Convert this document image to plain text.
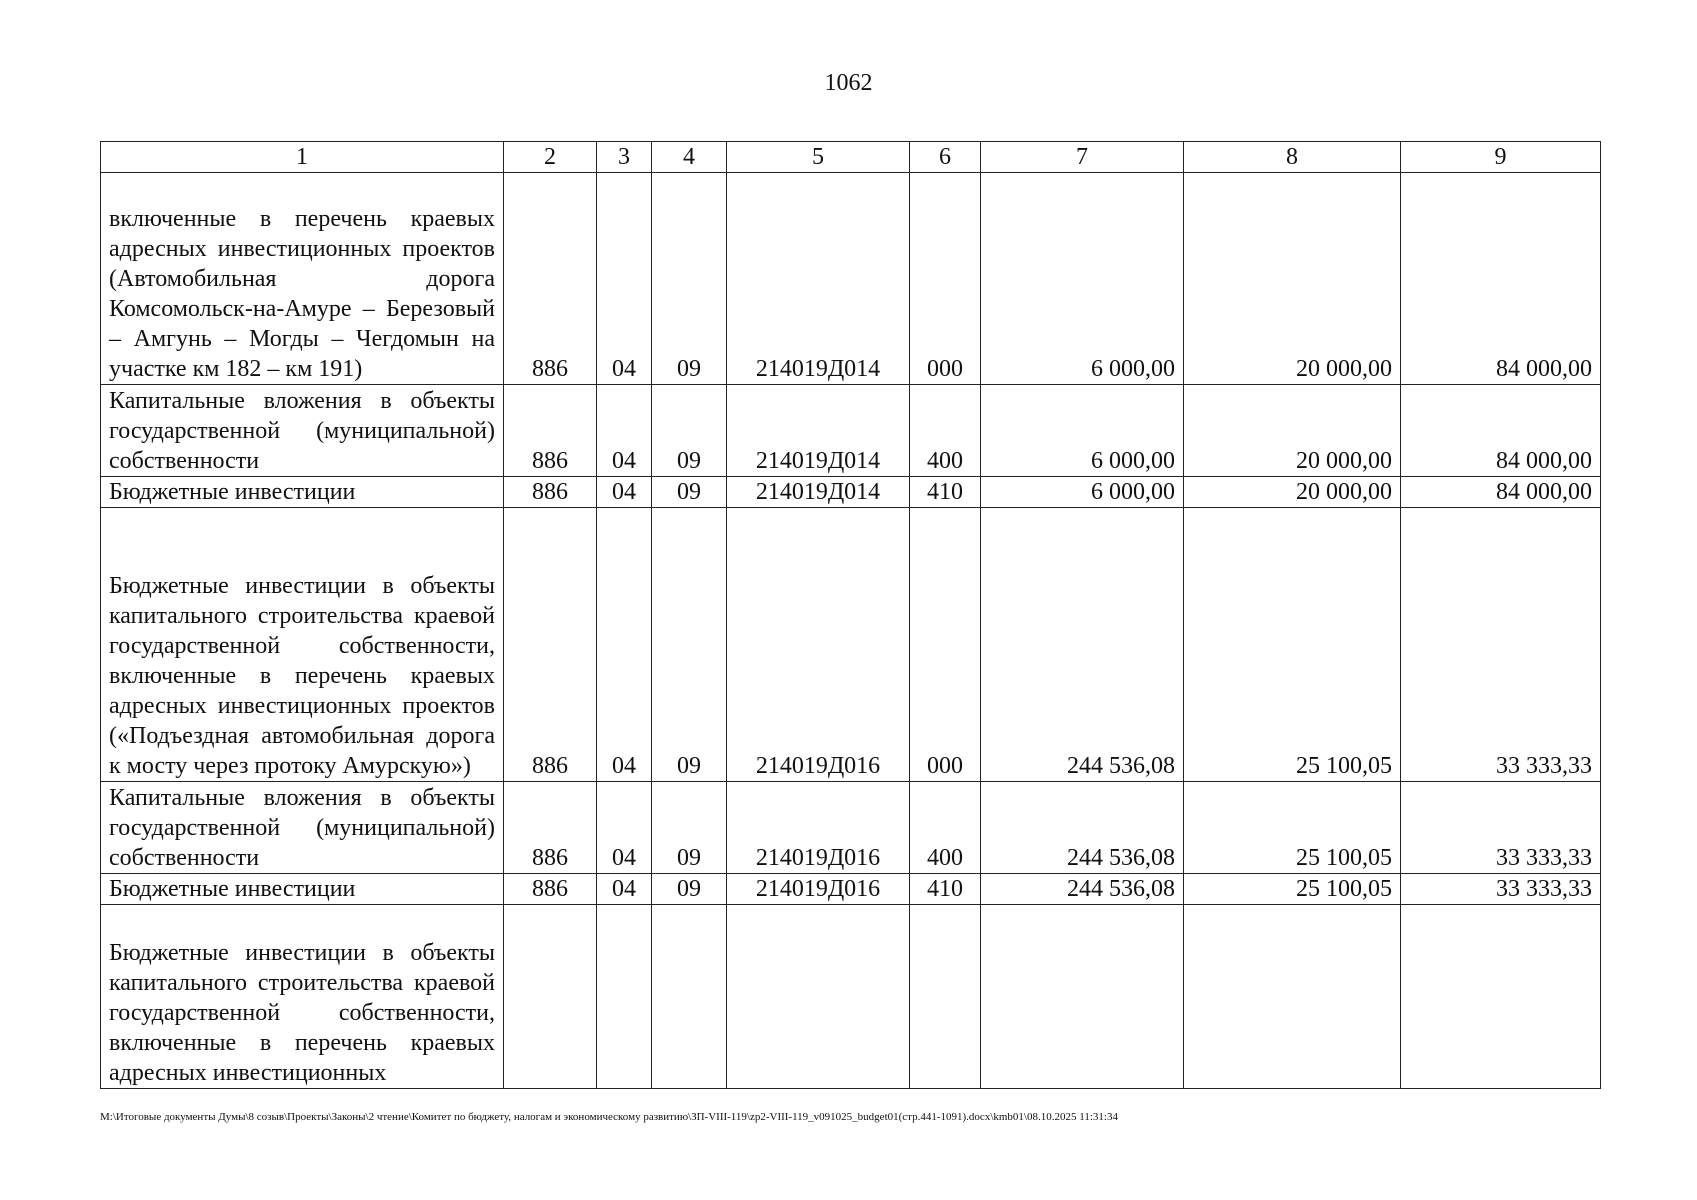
1062
1	2	3	4	5	6	7	8	9
включенные в перечень краевых адресных инвестиционных проектов (Автомобильная дорога Комсомольск-на-Амуре – Березовый – Амгунь – Могды – Чегдомын на участке км 182 – км 191)	886	04	09	214019Д014	000	6 000,00	20 000,00	84 000,00
Капитальные вложения в объекты государственной (муниципальной) собственности	886	04	09	214019Д014	400	6 000,00	20 000,00	84 000,00
Бюджетные инвестиции	886	04	09	214019Д014	410	6 000,00	20 000,00	84 000,00
Бюджетные инвестиции в объекты капитального строительства краевой государственной собственности, включенные в перечень краевых адресных инвестиционных проектов («Подъездная автомобильная дорога к мосту через протоку Амурскую»)	886	04	09	214019Д016	000	244 536,08	25 100,05	33 333,33
Капитальные вложения в объекты государственной (муниципальной) собственности	886	04	09	214019Д016	400	244 536,08	25 100,05	33 333,33
Бюджетные инвестиции	886	04	09	214019Д016	410	244 536,08	25 100,05	33 333,33
Бюджетные инвестиции в объекты капитального строительства краевой государственной собственности, включенные в перечень краевых адресных инвестиционных								
M:\Итоговые документы Думы\8 созыв\Проекты\Законы\2 чтение\Комитет по бюджету, налогам и экономическому развитию\ЗП-VIII-119\zp2-VIII-119_v091025_budget01(стр.441-1091).docx\kmb01\08.10.2025 11:31:34
